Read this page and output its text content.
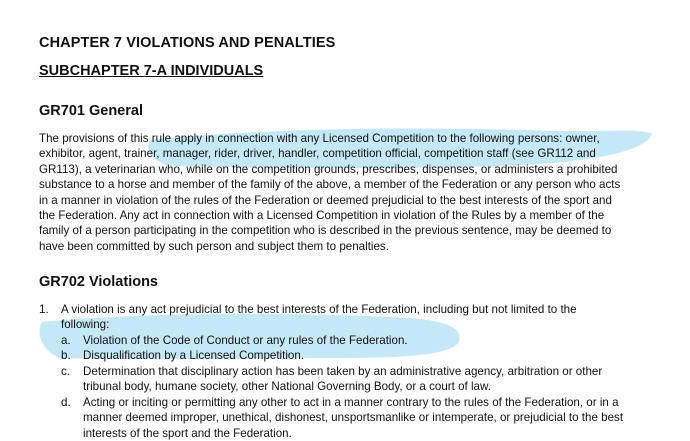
CHAPTER 7 VIOLATIONS AND PENALTIES
SUBCHAPTER 7-A INDIVIDUALS
GR701 General
The provisions of this rule apply in connection with any Licensed Competition to the following persons: owner,
exhibitor, agent, trainer, manager, rider, driver, handler, competition official, competition staff (see GR112 and
GR113), a veterinarian who, while on the competition grounds, prescribes, dispenses, or administers a prohibited
substance to a horse and member of the family of the above, a member of the Federation or any person who acts
in a manner in violation of the rules of the Federation or deemed prejudicial to the best interests of the sport and
the Federation. Any act in connection with a Licensed Competition in violation of the Rules by a member of the
family of a person participating in the competition who is described in the previous sentence, may be deemed to
have been committed by such person and subject them to penalties.
GR702 Violations
1. A violation is any act prejudicial to the best interests of the Federation, including but not limited to the
following:
a. Violation of the Code of Conduct or any rules of the Federation.
b. Disqualification by a Licensed Competition.
c. Determination that disciplinary action has been taken by an administrative agency, arbitration or other
tribunal body, humane society, other National Governing Body, or a court of law.
d. Acting or inciting or permitting any other to act in a manner contrary to the rules of the Federation, or in a
manner deemed improper, unethical, dishonest, unsportsmanlike or intemperate, or prejudicial to the best
interests of the sport and the Federation.
